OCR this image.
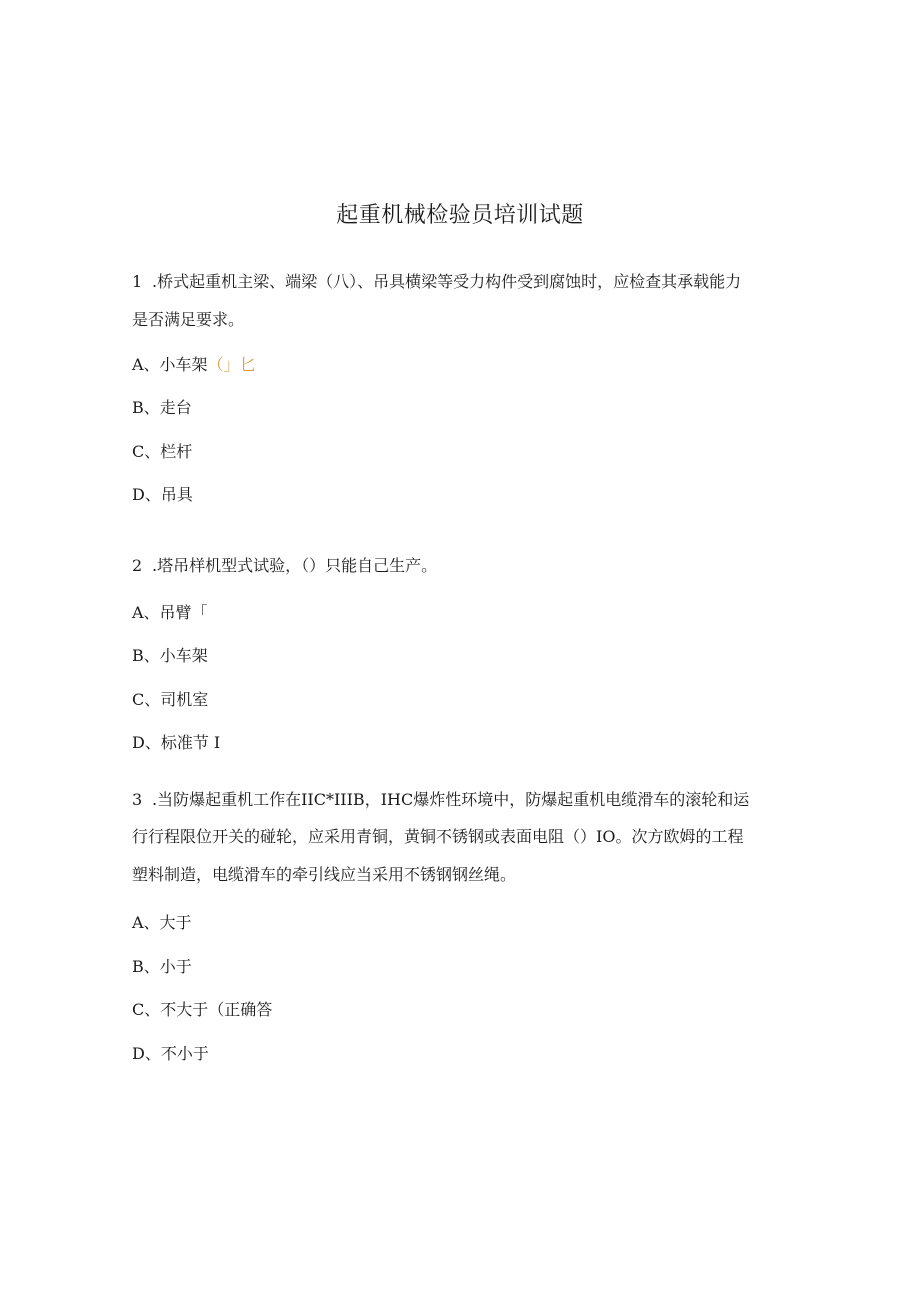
起重机械检验员培训试题
1 .桥式起重机主梁、端梁（八）、吊具横梁等受力构件受到腐蚀时，应检查其承载能力
是否满足要求。
A、小车架（」匕
B、走台
C、栏杆
D、吊具
2 .塔吊样机型式试验，（）只能自己生产。
A、吊臂「
B、小车架
C、司机室
D、标准节 I
3 .当防爆起重机工作在IIC*IIIB，IHC爆炸性环境中，防爆起重机电缆滑车的滚轮和运
行行程限位开关的碰轮，应采用青铜，黄铜不锈钢或表面电阻（）IO。次方欧姆的工程
塑料制造，电缆滑车的牵引线应当采用不锈钢钢丝绳。
A、大于
B、小于
C、不大于（正确答
D、不小于
